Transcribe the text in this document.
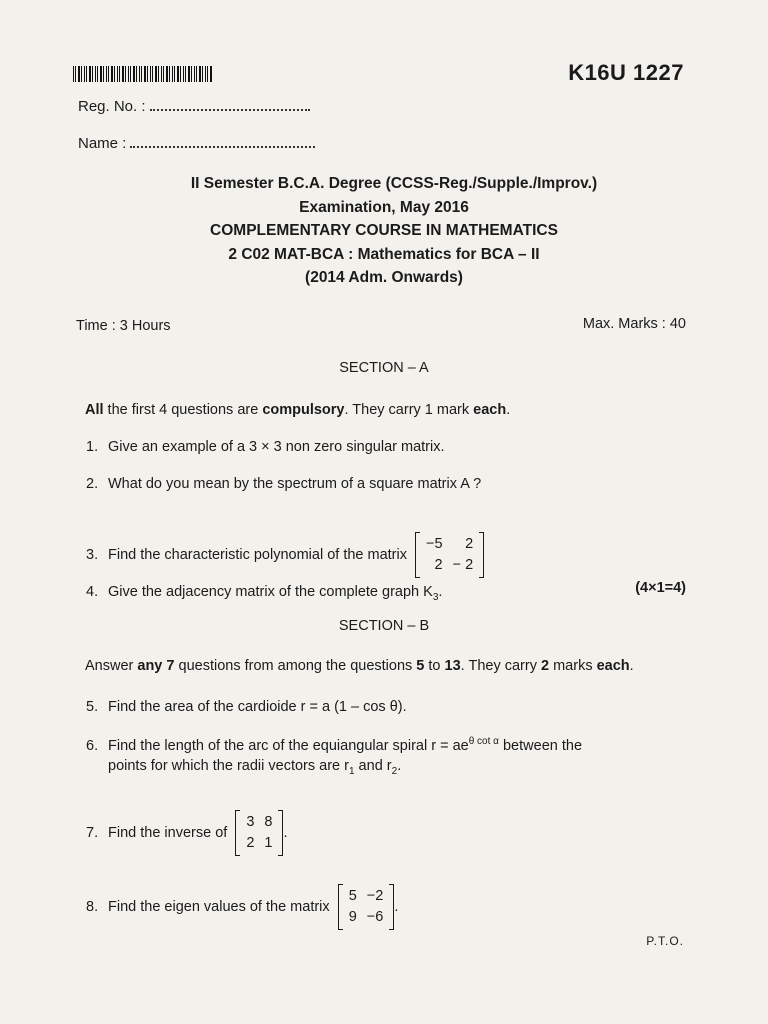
K16U 1227
Reg. No. :
Name :
II Semester B.C.A. Degree (CCSS-Reg./Supple./Improv.)
Examination, May 2016
COMPLEMENTARY COURSE IN MATHEMATICS
2 C02 MAT-BCA : Mathematics for BCA – II
(2014 Adm. Onwards)
Time : 3 Hours	Max. Marks : 40
SECTION – A
All the first 4 questions are compulsory. They carry 1 mark each.
1. Give an example of a 3 × 3 non zero singular matrix.
2. What do you mean by the spectrum of a square matrix A ?
3. Find the characteristic polynomial of the matrix
−5	2
2	− 2
4. Give the adjacency matrix of the complete graph $K_3$.	(4×1=4)
SECTION – B
Answer any 7 questions from among the questions 5 to 13. They carry 2 marks each.
5. Find the area of the cardioide r = a (1 – cos θ).
6. Find the length of the arc of the equiangular spiral $r = ae^{\theta cot \alpha}$ between the
points for which the radii vectors are $r_1$ and $r_2$.
7. Find the inverse of
3	8
2	1
.
8. Find the eigen values of the matrix
5	−2
9	−6
.
P.T.O.
